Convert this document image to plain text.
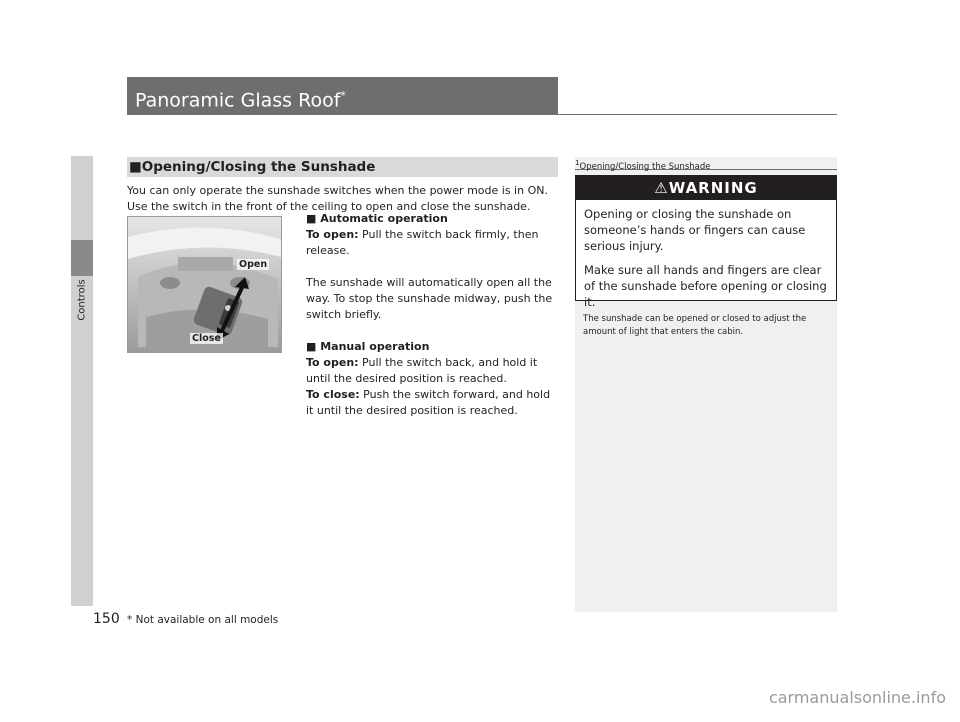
Controls
Panoramic Glass Roof*
■Opening/Closing the Sunshade
You can only operate the sunshade switches when the power mode is in ON. Use the switch in the front of the ceiling to open and close the sunshade.
Open
Close

■ Automatic operation

To open: Pull the switch back firmly, then release.

The sunshade will automatically open all the way. To stop the sunshade midway, push the switch briefly.

■ Manual operation

To open: Pull the switch back, and hold it until the desired position is reached.

To close: Push the switch forward, and hold it until the desired position is reached.

$^1$Opening/Closing the Sunshade
⚠WARNING

Opening or closing the sunshade on someone’s hands or fingers can cause serious injury.

Make sure all hands and fingers are clear of the sunshade before opening or closing it.

The sunshade can be opened or closed to adjust the amount of light that enters the cabin.
150 * Not available on all models
carmanualsonline.info
